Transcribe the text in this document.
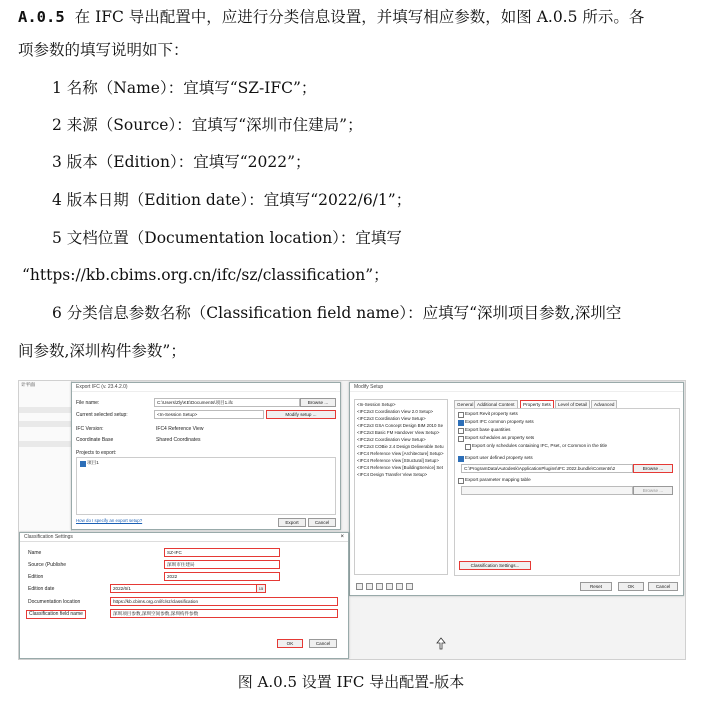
A.0.5 在 IFC 导出配置中，应进行分类信息设置，并填写相应参数，如图 A.0.5 所示。各
项参数的填写说明如下：
1 名称（Name）：宜填写“SZ-IFC”；
2 来源（Source）：宜填写“深圳市住建局”；
3 版本（Edition）：宜填写“2022”；
4 版本日期（Edition date）：宜填写“2022/6/1”；
5 文档位置（Documentation location）：宜填写
“https://kb.cbims.org.cn/ifc/sz/classification”；
6 分类信息参数名称（Classification field name）：应填写“深圳项目参数,深圳空
间参数,深圳构件参数”；
计平面	Export IFC (v. 23.4.2.0)
File name:	C:\Users\Zly\KE\Documents\项目1.ifc	Browse ...
Current selected setup:	<In-Session Setup>	Modify setup ...
IFC Version:	IFC4 Reference View
Coordinate Base	Shared Coordinates
Projects to export:
项目1
How do I specify an export setup?	Export	Cancel
Modify Setup
<In-Session Setup>
<IFC2x3 Coordination View 2.0 Setup>
<IFC2x3 Coordination View Setup>
<IFC2x3 GSA Concept Design BIM 2010 Se
<IFC2x3 Basic FM Handover View Setup>
<IFC2x2 Coordination View Setup>
<IFC2x3 COBie 2.4 Design Deliverable Setu
<IFC4 Reference View [Architecture] Setup>
<IFC4 Reference View [Structural] Setup>
<IFC4 Reference View [BuildingService] Set
<IFC4 Design Transfer View Setup>
General Additional Content	Property Sets	Level of Detail	Advanced
Export Revit property sets
Export IFC common property sets
Export base quantities
Export schedules as property sets
Export only schedules containing IFC, Pset, or Common in the title
Export user defined property sets
C:\ProgramData\Autodesk\ApplicationPlugins\IFC 2022.bundle\Contents\2	Browse ...
Export parameter mapping table
Browse ...
Classification Settings...
Reset	OK	Cancel
Classification Settings	×
Name	SZ-IFC
Source (Publishe	深圳市住建局
Edition	2022
Edition date	2022/6/1	15
Documentation location	https://kb.cbims.org.cn/ifc/sz/classification
Classification field name	深圳项目参数,深圳空间参数,深圳构件参数
OK	Cancel
图 A.0.5 设置 IFC 导出配置-版本
